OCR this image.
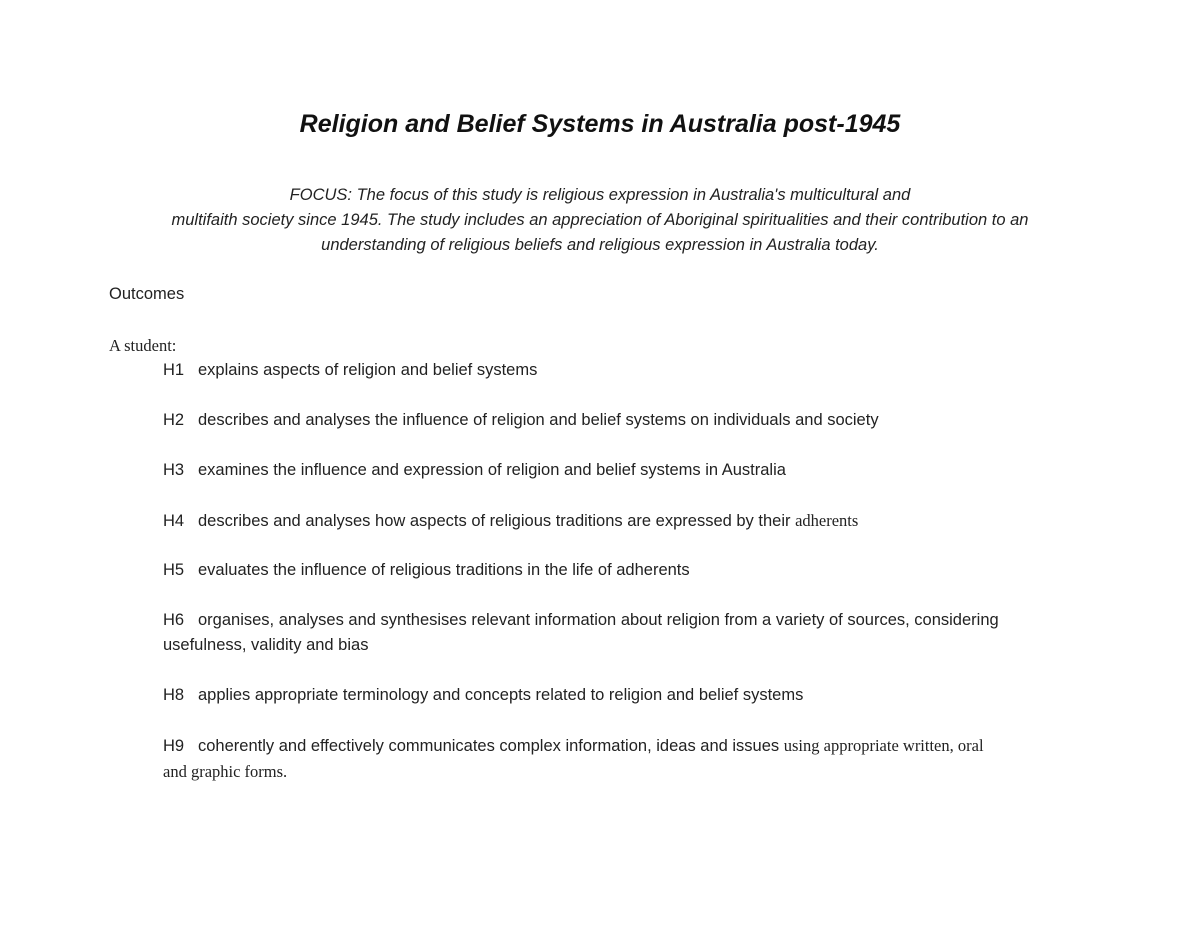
Religion and Belief Systems in Australia post-1945
FOCUS: The focus of this study is religious expression in Australia's multicultural and
multifaith society since 1945. The study includes an appreciation of Aboriginal spiritualities and their contribution to an
understanding of religious beliefs and religious expression in Australia today.
Outcomes
A student:
H1 explains aspects of religion and belief systems
H2 describes and analyses the influence of religion and belief systems on individuals and society
H3 examines the influence and expression of religion and belief systems in Australia
H4 describes and analyses how aspects of religious traditions are expressed by their adherents
H5 evaluates the influence of religious traditions in the life of adherents
H6 organises, analyses and synthesises relevant information about religion from a variety of sources, considering
usefulness, validity and bias
H8 applies appropriate terminology and concepts related to religion and belief systems
H9 coherently and effectively communicates complex information, ideas and issues using appropriate written, oral
and graphic forms.
